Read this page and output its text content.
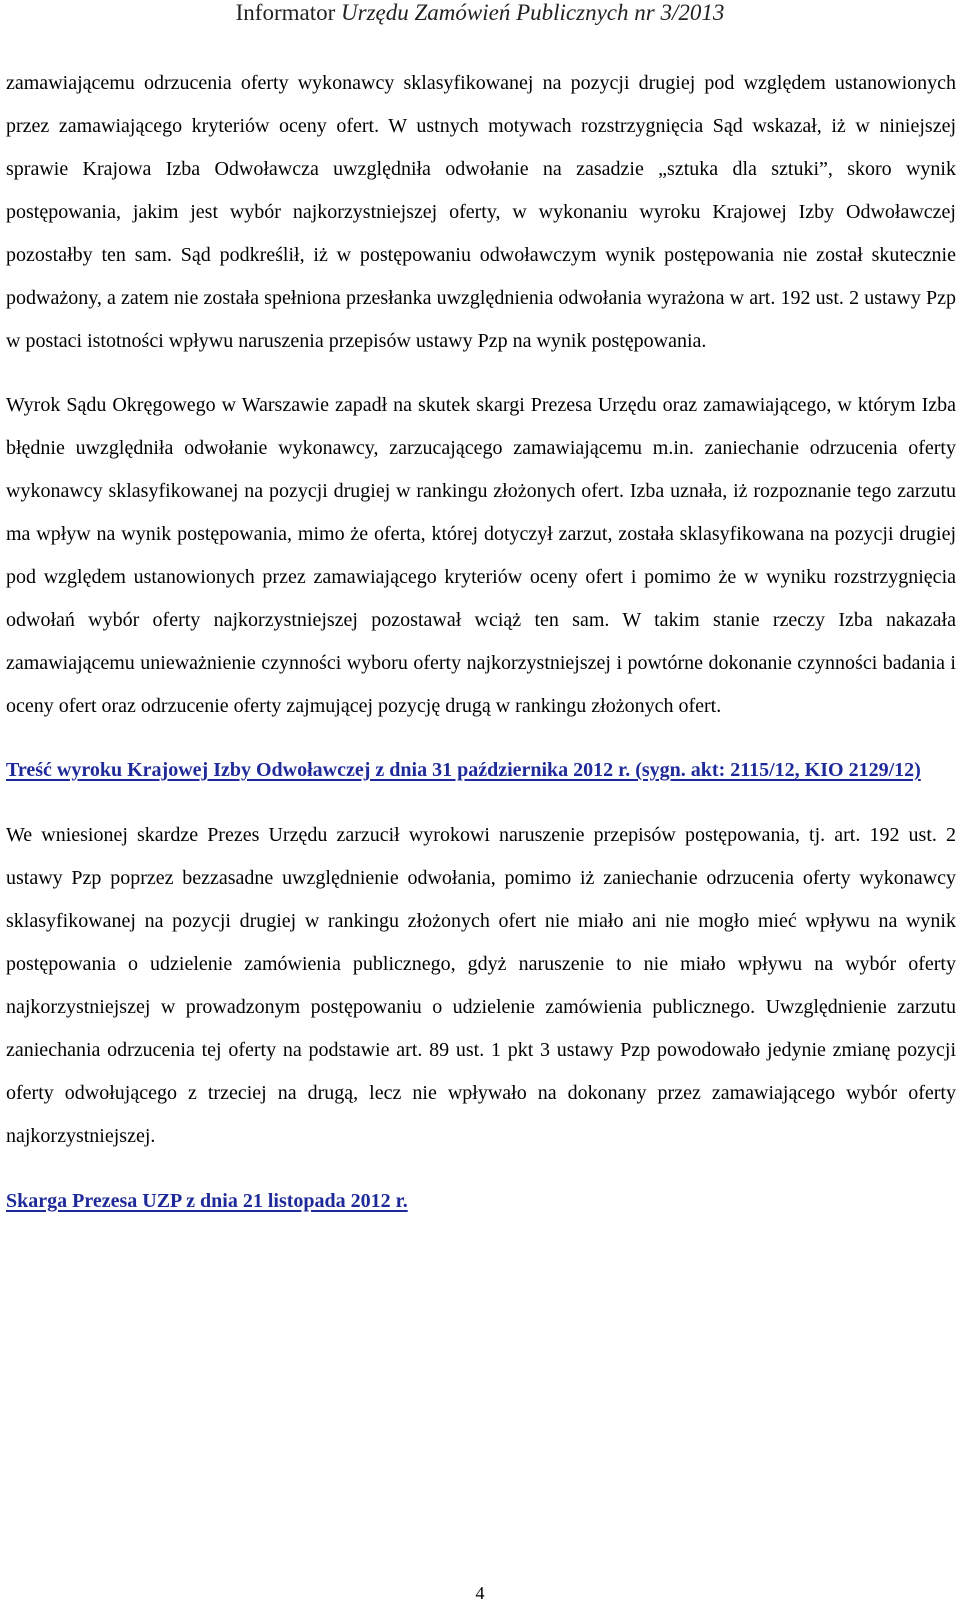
Informator Urzędu Zamówień Publicznych nr 3/2013

zamawiającemu odrzucenia oferty wykonawcy sklasyfikowanej na pozycji drugiej pod względem ustanowionych przez zamawiającego kryteriów oceny ofert. W ustnych motywach rozstrzygnięcia Sąd wskazał, iż w niniejszej sprawie Krajowa Izba Odwoławcza uwzględniła odwołanie na zasadzie „sztuka dla sztuki”, skoro wynik postępowania, jakim jest wybór najkorzystniejszej oferty, w wykonaniu wyroku Krajowej Izby Odwoławczej pozostałby ten sam. Sąd podkreślił, iż w postępowaniu odwoławczym wynik postępowania nie został skutecznie podważony, a zatem nie została spełniona przesłanka uwzględnienia odwołania wyrażona w art. 192 ust. 2 ustawy Pzp w postaci istotności wpływu naruszenia przepisów ustawy Pzp na wynik postępowania.

Wyrok Sądu Okręgowego w Warszawie zapadł na skutek skargi Prezesa Urzędu oraz zamawiającego, w którym Izba błędnie uwzględniła odwołanie wykonawcy, zarzucającego zamawiającemu m.in. zaniechanie odrzucenia oferty wykonawcy sklasyfikowanej na pozycji drugiej w rankingu złożonych ofert. Izba uznała, iż rozpoznanie tego zarzutu ma wpływ na wynik postępowania, mimo że oferta, której dotyczył zarzut, została sklasyfikowana na pozycji drugiej pod względem ustanowionych przez zamawiającego kryteriów oceny ofert i pomimo że w wyniku rozstrzygnięcia odwołań wybór oferty najkorzystniejszej pozostawał wciąż ten sam. W takim stanie rzeczy Izba nakazała zamawiającemu unieważnienie czynności wyboru oferty najkorzystniejszej i powtórne dokonanie czynności badania i oceny ofert oraz odrzucenie oferty zajmującej pozycję drugą w rankingu złożonych ofert.

Treść wyroku Krajowej Izby Odwoławczej z dnia 31 października 2012 r. (sygn. akt: 2115/12, KIO 2129/12)

We wniesionej skardze Prezes Urzędu zarzucił wyrokowi naruszenie przepisów postępowania, tj. art. 192 ust. 2 ustawy Pzp poprzez bezzasadne uwzględnienie odwołania, pomimo iż zaniechanie odrzucenia oferty wykonawcy sklasyfikowanej na pozycji drugiej w rankingu złożonych ofert nie miało ani nie mogło mieć wpływu na wynik postępowania o udzielenie zamówienia publicznego, gdyż naruszenie to nie miało wpływu na wybór oferty najkorzystniejszej w prowadzonym postępowaniu o udzielenie zamówienia publicznego. Uwzględnienie zarzutu zaniechania odrzucenia tej oferty na podstawie art. 89 ust. 1 pkt 3 ustawy Pzp powodowało jedynie zmianę pozycji oferty odwołującego z trzeciej na drugą, lecz nie wpływało na dokonany przez zamawiającego wybór oferty najkorzystniejszej.

Skarga Prezesa UZP z dnia 21 listopada 2012 r.

4
